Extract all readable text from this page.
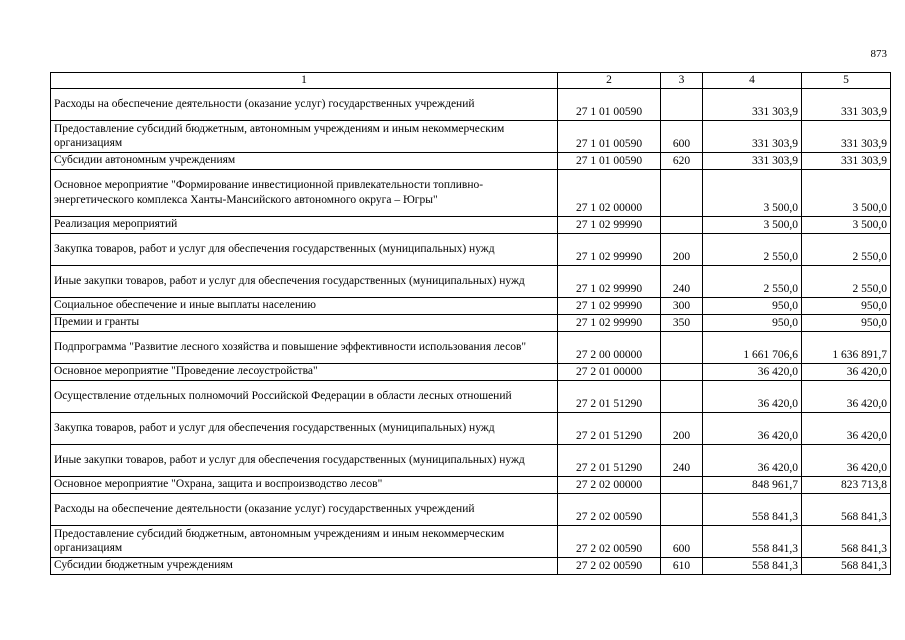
873
1	2	3	4	5
Расходы на обеспечение деятельности (оказание услуг) государственных учреждений	27 1 01 00590		331 303,9	331 303,9
Предоставление субсидий бюджетным, автономным учреждениям и иным некоммерческим организациям	27 1 01 00590	600	331 303,9	331 303,9
Субсидии автономным учреждениям	27 1 01 00590	620	331 303,9	331 303,9
Основное мероприятие "Формирование инвестиционной привлекательности топливно-энергетического комплекса Ханты-Мансийского автономного округа – Югры"	27 1 02 00000		3 500,0	3 500,0
Реализация мероприятий	27 1 02 99990		3 500,0	3 500,0
Закупка товаров, работ и услуг для обеспечения государственных (муниципальных) нужд	27 1 02 99990	200	2 550,0	2 550,0
Иные закупки товаров, работ и услуг для обеспечения государственных (муниципальных) нужд	27 1 02 99990	240	2 550,0	2 550,0
Социальное обеспечение и иные выплаты населению	27 1 02 99990	300	950,0	950,0
Премии и гранты	27 1 02 99990	350	950,0	950,0
Подпрограмма "Развитие лесного хозяйства и повышение эффективности использования лесов"	27 2 00 00000		1 661 706,6	1 636 891,7
Основное мероприятие "Проведение лесоустройства"	27 2 01 00000		36 420,0	36 420,0
Осуществление отдельных полномочий Российской Федерации в области лесных отношений	27 2 01 51290		36 420,0	36 420,0
Закупка товаров, работ и услуг для обеспечения государственных (муниципальных) нужд	27 2 01 51290	200	36 420,0	36 420,0
Иные закупки товаров, работ и услуг для обеспечения государственных (муниципальных) нужд	27 2 01 51290	240	36 420,0	36 420,0
Основное мероприятие "Охрана, защита и воспроизводство лесов"	27 2 02 00000		848 961,7	823 713,8
Расходы на обеспечение деятельности (оказание услуг) государственных учреждений	27 2 02 00590		558 841,3	568 841,3
Предоставление субсидий бюджетным, автономным учреждениям и иным некоммерческим организациям	27 2 02 00590	600	558 841,3	568 841,3
Субсидии бюджетным учреждениям	27 2 02 00590	610	558 841,3	568 841,3
